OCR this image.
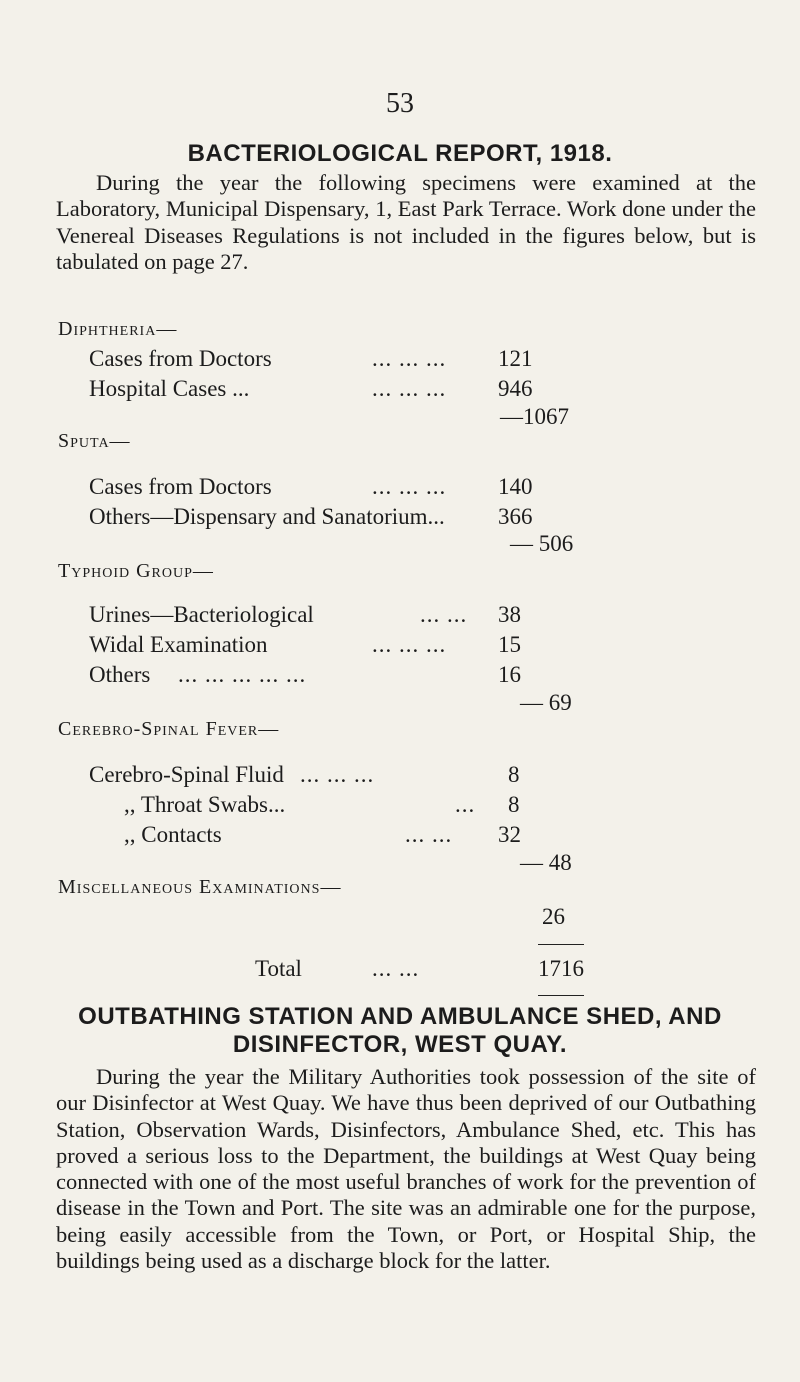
53
BACTERIOLOGICAL REPORT, 1918.
During the year the following specimens were examined at the Laboratory, Municipal Dispensary, 1, East Park Terrace. Work done under the Venereal Diseases Regulations is not included in the figures below, but is tabulated on page 27.
Diphtheria—
Cases from Doctors	... ... ... 121
Hospital Cases ...	... ... ... 946
—1067
Sputa—
Cases from Doctors	... ... ... 140
Others—Dispensary and Sanatorium... 366
— 506
Typhoid Group—
Urines—Bacteriological	... ... 38
Widal Examination	... ... ... 15
Others ... ... ... ... ...	16
— 69
Cerebro-Spinal Fever—
Cerebro-Spinal Fluid ... ... ...	8
,, Throat Swabs...	... 8
,, Contacts	... ... 32
— 48
Miscellaneous Examinations—
26
Total	... ...	1716
OUTBATHING STATION AND AMBULANCE SHED, AND
DISINFECTOR, WEST QUAY.
During the year the Military Authorities took possession of the site of our Disinfector at West Quay. We have thus been deprived of our Outbathing Station, Observation Wards, Disinfectors, Ambulance Shed, etc. This has proved a serious loss to the Department, the buildings at West Quay being connected with one of the most useful branches of work for the prevention of disease in the Town and Port. The site was an admirable one for the purpose, being easily accessible from the Town, or Port, or Hospital Ship, the buildings being used as a discharge block for the latter.
